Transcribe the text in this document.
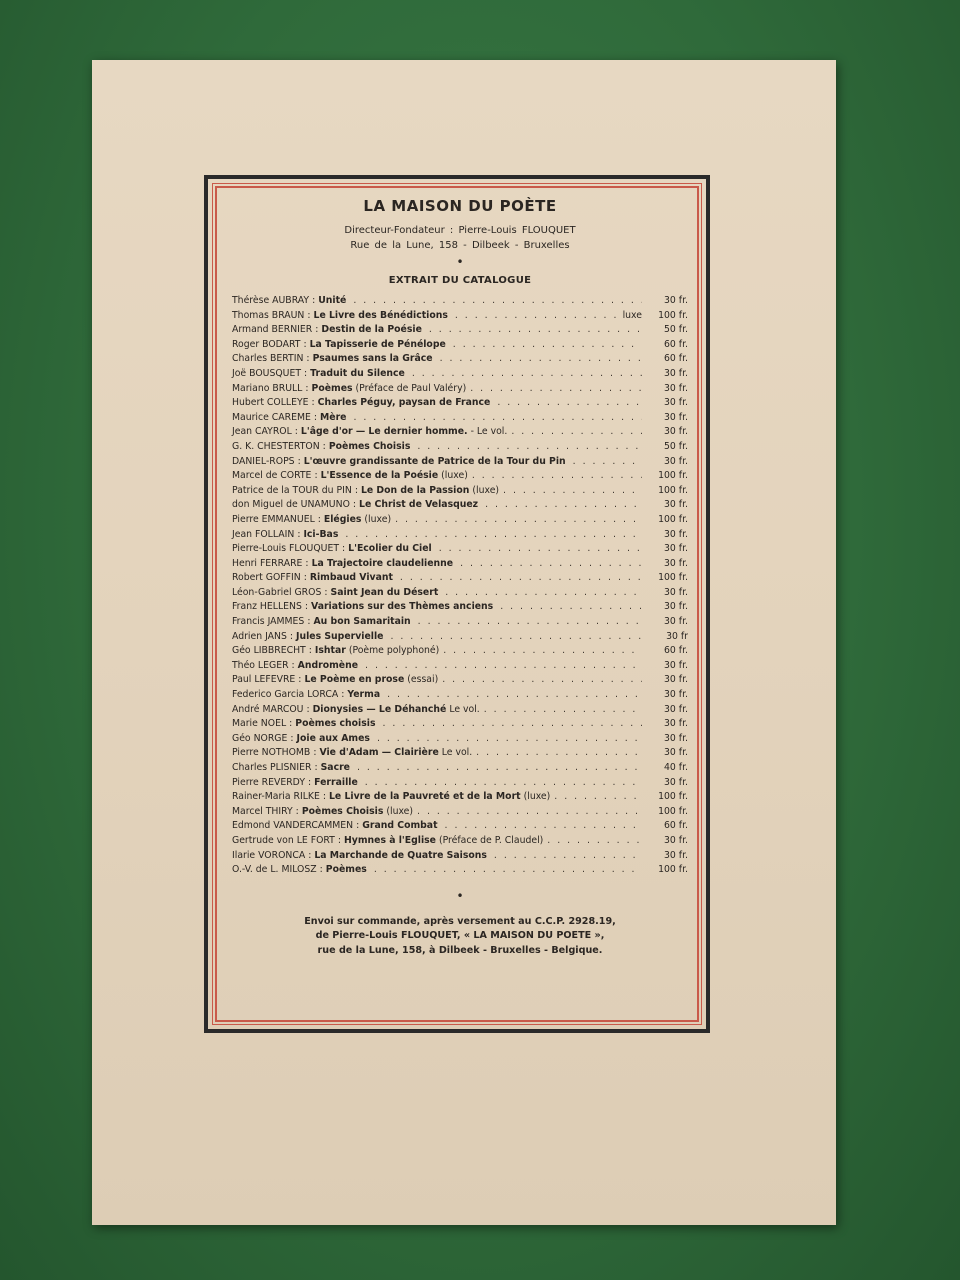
LA MAISON DU POÈTE
Directeur-Fondateur : Pierre-Louis FLOUQUET
Rue de la Lune, 158 - Dilbeek - Bruxelles
•
EXTRAIT DU CATALOGUE
Thérèse AUBRAY : Unité . . .	30 fr.
Thomas BRAUN : Le Livre des Bénédictions . . .	luxe	100 fr.
Armand BERNIER : Destin de la Poésie . . .	50 fr.
Roger BODART : La Tapisserie de Pénélope . . .	60 fr.
Charles BERTIN : Psaumes sans la Grâce . . .	60 fr.
Joë BOUSQUET : Traduit du Silence . . .	30 fr.
Mariano BRULL : Poèmes (Préface de Paul Valéry) . . .	30 fr.
Hubert COLLEYE : Charles Péguy, paysan de France . . .	30 fr.
Maurice CAREME : Mère . . .	30 fr.
Jean CAYROL : L'âge d'or — Le dernier homme. - Le vol. . . .	30 fr.
G. K. CHESTERTON : Poèmes Choisis . . .	50 fr.
DANIEL-ROPS : L'œuvre grandissante de Patrice de la Tour du Pin . . .	30 fr.
Marcel de CORTE : L'Essence de la Poésie (luxe) . . .	100 fr.
Patrice de la TOUR du PIN : Le Don de la Passion (luxe) . . .	100 fr.
don Miguel de UNAMUNO : Le Christ de Velasquez . . .	30 fr.
Pierre EMMANUEL : Elégies (luxe) . . .	100 fr.
Jean FOLLAIN : Ici-Bas . . .	30 fr.
Pierre-Louis FLOUQUET : L'Ecolier du Ciel . . .	30 fr.
Henri FERRARE : La Trajectoire claudelienne . . .	30 fr.
Robert GOFFIN : Rimbaud Vivant . . .	100 fr.
Léon-Gabriel GROS : Saint Jean du Désert . . .	30 fr.
Franz HELLENS : Variations sur des Thèmes anciens . . .	30 fr.
Francis JAMMES : Au bon Samaritain . . .	30 fr.
Adrien JANS : Jules Supervielle . . .	30 fr
Géo LIBBRECHT : Ishtar (Poème polyphoné) . . .	60 fr.
Théo LEGER : Andromène . . .	30 fr.
Paul LEFEVRE : Le Poème en prose (essai) . . .	30 fr.
Federico Garcia LORCA : Yerma . . .	30 fr.
André MARCOU : Dionysies — Le Déhanché Le vol. . . .	30 fr.
Marie NOEL : Poèmes choisis . . .	30 fr.
Géo NORGE : Joie aux Ames . . .	30 fr.
Pierre NOTHOMB : Vie d'Adam — Clairière Le vol. . . .	30 fr.
Charles PLISNIER : Sacre . . .	40 fr.
Pierre REVERDY : Ferraille . . .	30 fr.
Rainer-Maria RILKE : Le Livre de la Pauvreté et de la Mort (luxe) . . .	100 fr.
Marcel THIRY : Poèmes Choisis (luxe) . . .	100 fr.
Edmond VANDERCAMMEN : Grand Combat . . .	60 fr.
Gertrude von LE FORT : Hymnes à l'Eglise (Préface de P. Claudel) . . .	30 fr.
Ilarie VORONCA : La Marchande de Quatre Saisons . . .	30 fr.
O.-V. de L. MILOSZ : Poèmes . . .	100 fr.
•
Envoi sur commande, après versement au C.C.P. 2928.19,
de Pierre-Louis FLOUQUET, « LA MAISON DU POETE »,
rue de la Lune, 158, à Dilbeek - Bruxelles - Belgique.
